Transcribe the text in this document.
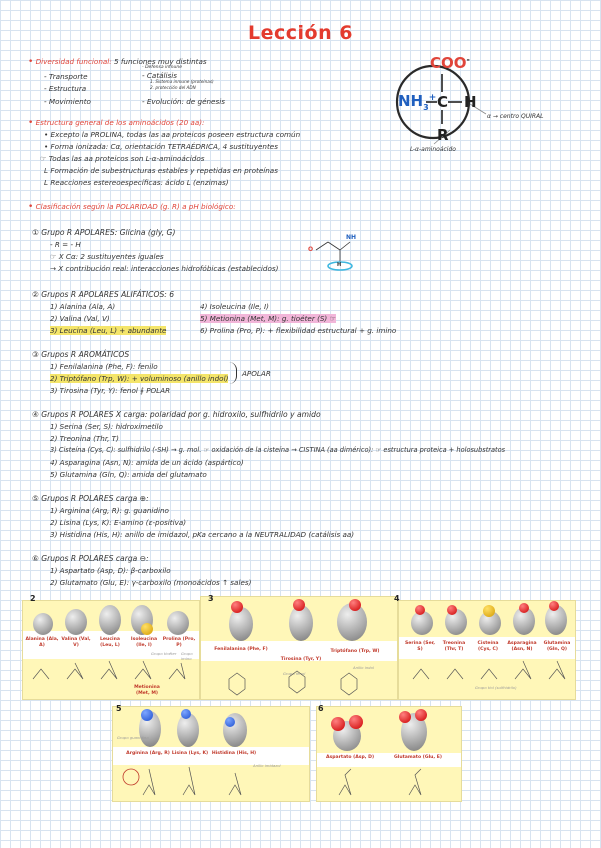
Lección 6
• Diversidad funcional: 5 funciones muy distintas
- Transporte
- Estructura
- Movimiento
- Catálisis
1. Sistema inmune (proteínas)
2. protección del ADN
- Evolución: de génesis
- Defensa inmune	COO-
$NH_3^+$ C H
R
α → centro QUIRAL
L-α-aminoácido
• Estructura general de los aminoácidos (20 aa):
• Excepto la PROLINA, todas las aa proteicos poseen estructura común
• Forma ionizada: Cα, orientación TETRAÉDRICA, 4 sustituyentes
☞ Todas las aa proteicos son L-α-aminoácidos
L Formación de subestructuras estables y repetidas en proteínas
L Reacciones estereoespecíficas: ácido L (enzimas)
• Clasificación según la POLARIDAD (g. R) a pH biológico:
① Grupo R APOLARES: Glicina (gly, G)
- R = - H
☞ X Cα: 2 sustituyentes iguales
→ X contribución real: interacciones hidrofóbicas (establecidos)
NH
O
H
② Grupos R APOLARES ALIFÁTICOS: 6
1) Alanina (Ala, A)
2) Valina (Val, V)
3) Leucina (Leu, L) + abundante
4) Isoleucina (Ile, I)
5) Metionina (Met, M): g. tioéter (S) ☞
6) Prolina (Pro, P): + flexibilidad estructural + g. imino
③ Grupos R AROMÁTICOS
1) Fenilalanina (Phe, F): fenilo
2) Triptófano (Trp, W): + voluminoso (anillo indol)
3) Tirosina (Tyr, Y): fenol ∮ POLAR
APOLAR
④ Grupos R POLARES X carga: polaridad por g. hidroxilo, sulfhidrilo y amido
1) Serina (Ser, S): hidroximetilo
2) Treonina (Thr, T)
3) Cisteína (Cys, C): sulfhidrilo (-SH) → g. mol. ☞ oxidación de la cisteína → CISTINA (aa dimérico): ☞ estructura proteica + holosubstratos
4) Asparagina (Asn, N): amida de un ácido (aspártico)
5) Glutamina (Gln, Q): amida del glutamato
⑤ Grupos R POLARES carga ⊕:
1) Arginina (Arg, R): g. guanidino
2) Lisina (Lys, K): E-amino (ε-positiva)
3) Histidina (His, H): anillo de imidazol, pKa cercano a la NEUTRALIDAD (catálisis aa)
⑥ Grupos R POLARES carga ⊖:
1) Aspartato (Asp, D): β-carboxilo
2) Glutamato (Glu, E): γ-carboxilo (monoácidos ↑ sales)
Alanina (Ala, A)
Valina (Val, V)
Leucina (Leu, L)
Isoleucina (Ile, I)
Prolina (Pro, P)
Metionina (Met, M)
Grupo tioéter Grupo imino
2
Fenilalanina (Phe, F)
Tirosina (Tyr, Y)
Triptófano (Trp, W)
Grupo fenol
Anillo indol
3
Serina (Ser, S)
Treonina (Thr, T)
Cisteína (Cys, C)
Asparagina (Asn, N)
Glutamina (Gln, Q)
Grupo tiol (sulfhidrilo)
4
Arginina (Arg, R) Lisina (Lys, K) Histidina (His, H)
Grupo guanidino
Anillo imidazol
5
Aspartato (Asp, D)	Glutamato (Glu, E)
6
